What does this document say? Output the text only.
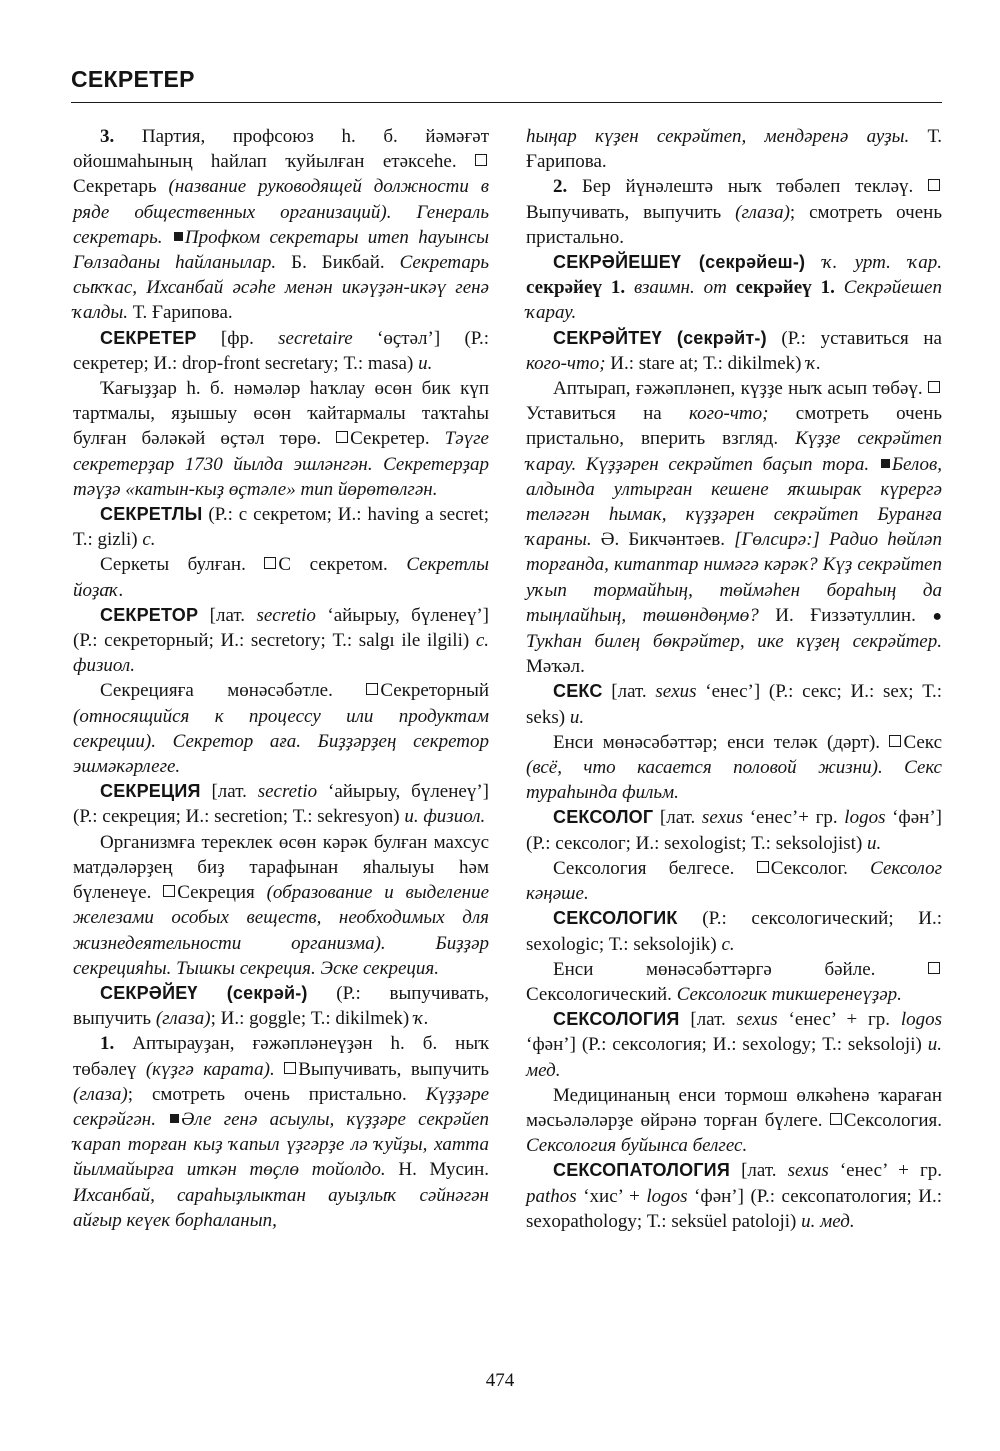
СЕКРЕТЕР

3. Партия, профсоюз һ. б. йәмәғәт ойошмаһының һайлап ҡуйылған етәксеһе. Секретарь (название руководящей должности в ряде общественных организаций). Генераль секретарь. Профком секретары итеп һауынсы Гөлзаданы һайланылар. Б. Бикбай. Секретарь сыҡҡас, Ихсанбай әсәһе менән икәүҙән-икәү генә ҡалды. Т. Ғарипова.

СЕКРЕТЕР [фр. secretaire ‘өҫтәл’] (Р.: секретер; И.: drop-front secretary; Т.: masa) и.

Ҡағыҙҙар һ. б. нәмәләр һаҡлау өсөн бик күп тартмалы, яҙышыу өсөн ҡайтармалы таҡтаһы булған бәләкәй өҫтәл төрө. Секретер. Тәүге секретерҙар 1730 йылда эшләнгән. Секретерҙар тәүҙә «катын-кыҙ өҫтәле» тип йөрөтөлгән.

СЕКРЕТЛЫ (Р.: с секретом; И.: having a secret; Т.: gizli) с.

Серкеты булған. С секретом. Секретлы йоҙаҡ.

СЕКРЕТОР [лат. secretio ‘айырыу, бүленеү’] (Р.: секреторный; И.: secretory; Т.: salgı ile ilgili) с. физиол.

Секрецияға мөнәсәбәтле. Секреторный (относящийся к процессу или продуктам секреции). Секретор аға. Биҙҙәрҙең секретор эшмәкәрлеге.

СЕКРЕЦИЯ [лат. secretio ‘айырыу, бүленеү’] (Р.: секреция; И.: secretion; Т.: sekresyon) и. физиол.

Организмға тереклек өсөн кәрәк булған махсус матдәләрҙең биҙ тарафынан яһалыуы һәм бүленеүе. Секреция (образование и выделение железами особых веществ, необходимых для жизнедеятельности организма). Биҙҙәр секрецияһы. Тышкы секреция. Эске секреция.

СЕКРӘЙЕҮ (секрәй-) (Р.: выпучивать, выпучить (глаза); И.: goggle; Т.: dikilmek) ҡ.

1. Аптырауҙан, ғәжәпләнеүҙән һ. б. ныҡ төбәлеү (күҙгә карата). Выпучивать, выпучить (глаза); смотреть очень пристально. Күҙҙәре секрәйгән. Әле генә асыулы, күҙҙәре секрәйеп ҡарап торған кыҙ ҡапыл үҙгәрҙе лә ҡуйҙы, хатта йылмайырға иткән төҫлө тойолдо. Н. Мусин. Ихсанбай, сараһыҙлыктан ауыҙлыҡ сәйнәгән айғыр кеүек борһаланып,

һыңар күҙен секрәйтеп, мендәренә ауҙы. Т. Ғарипова.

2. Бер йүнәлештә ныҡ төбәлеп текләү. Выпучивать, выпучить (глаза); смотреть очень пристально.

СЕКРӘЙЕШЕҮ (секрәйеш-) ҡ. урт. ҡар. секрәйеү 1. взаимн. от секрәйеү 1. Секрәйешеп ҡарау.

СЕКРӘЙТЕҮ (секрәйт-) (Р.: уставиться на кого-что; И.: stare at; Т.: dikilmek) ҡ.

Аптырап, ғәжәпләнеп, күҙҙе ныҡ асып төбәү. Уставиться на кого-что; смотреть очень пристально, вперить взгляд. Күҙҙе секрәйтеп ҡарау. Күҙҙәрен секрәйтеп баҫып тора. Белов, алдында ултырған кешене яҡшырак күрергә теләгән һымак, күҙҙәрен секрәйтеп Буранға ҡараны. Ә. Бикчәнтәев. [Гөлсирә:] Радио һөйләп торғанда, китаптар нимәгә кәрәк? Күҙ секрәйтеп уҡып тормайһың, төймәһен бораһың да тыңлайһың, төшөндөңмө? И. Ғиззәтуллин. ● Тукһан билең бөкрәйтер, ике күҙең секрәйтер. Мәҡәл.

СЕКС [лат. sexus ‘енес’] (Р.: секс; И.: sex; Т.: seks) и.

Енси мөнәсәбәттәр; енси теләк (дәрт). Секс (всё, что касается половой жизни). Секс тураһында фильм.

СЕКСОЛОГ [лат. sexus ‘енес’+ гр. logos ‘фән’] (Р.: сексолог; И.: sexologist; Т.: seksolojist) и.

Сексология белгесе. Сексолог. Сексолог кәңәше.

СЕКСОЛОГИК (Р.: сексологический; И.: sexologic; Т.: seksolojik) с.

Енси мөнәсәбәттәргә бәйле. Сексологический. Сексологик тикшеренеүҙәр.

СЕКСОЛОГИЯ [лат. sexus ‘енес’ + гр. logos ‘фән’] (Р.: сексология; И.: sexology; Т.: seksoloji) и. мед.

Медицинаның енси тормош өлкәһенә ҡараған мәсьәләләрҙе өйрәнә торған бүлеге. Сексология. Сексология буйынса белгес.

СЕКСОПАТОЛОГИЯ [лат. sexus ‘енес’ + гр. pathos ‘хис’ + logos ‘фән’] (Р.: сексопатология; И.: sexopathology; Т.: seksüel patoloji) и. мед.

474
